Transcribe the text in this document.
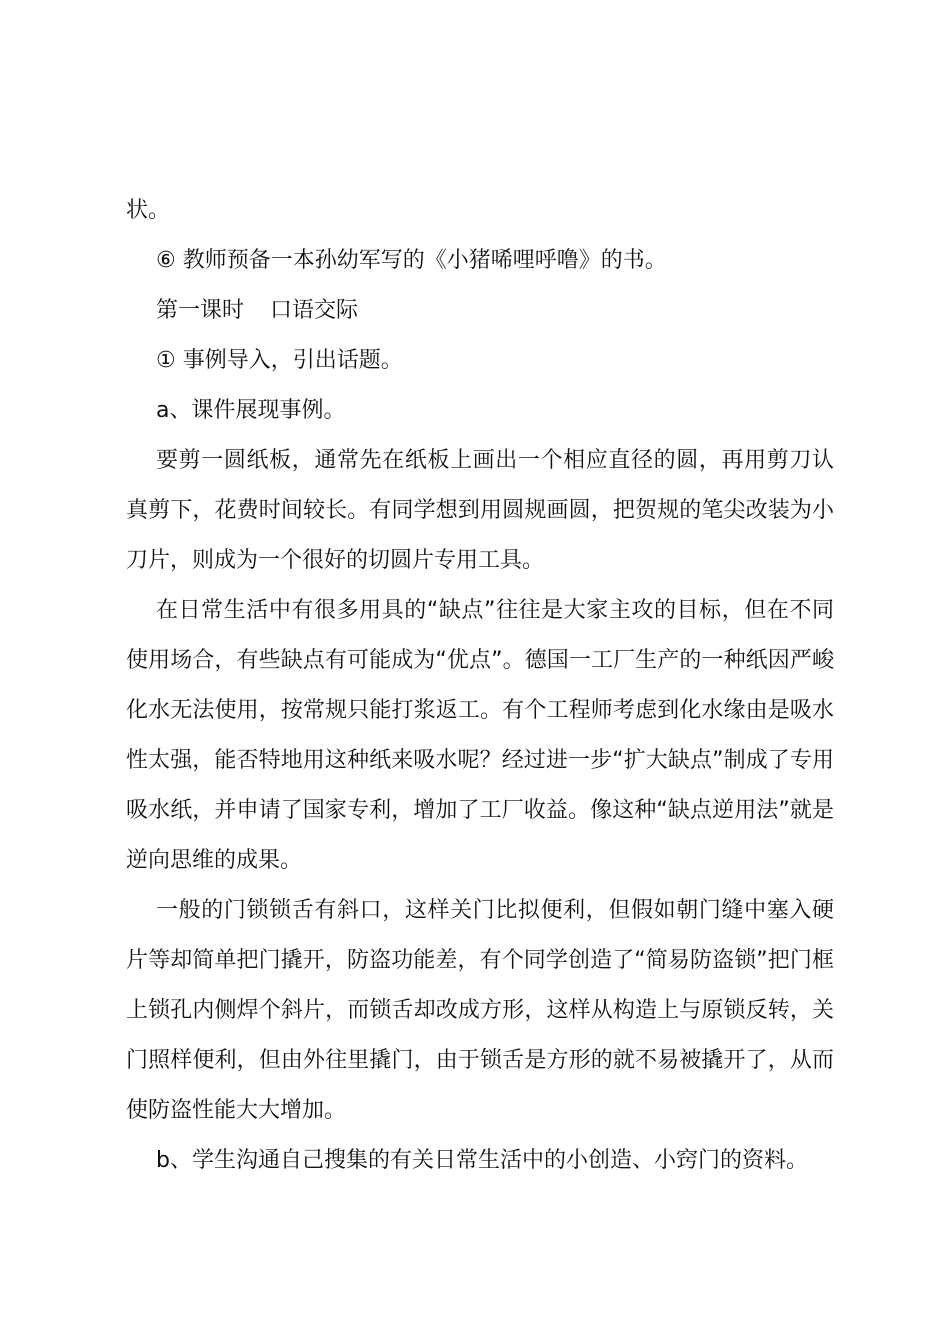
状。

⑥ 教师预备一本孙幼军写的《小猪唏哩呼噜》的书。

第一课时 口语交际

① 事例导入，引出话题。

a、课件展现事例。

要剪一圆纸板，通常先在纸板上画出一个相应直径的圆，再用剪刀认真剪下，花费时间较长。有同学想到用圆规画圆，把贺规的笔尖改装为小刀片，则成为一个很好的切圆片专用工具。

在日常生活中有很多用具的“缺点”往往是大家主攻的目标，但在不同使用场合，有些缺点有可能成为“优点”。德国一工厂生产的一种纸因严峻化水无法使用，按常规只能打浆返工。有个工程师考虑到化水缘由是吸水性太强，能否特地用这种纸来吸水呢？经过进一步“扩大缺点”制成了专用吸水纸，并申请了国家专利，增加了工厂收益。像这种“缺点逆用法”就是逆向思维的成果。

一般的门锁锁舌有斜口，这样关门比拟便利，但假如朝门缝中塞入硬片等却简单把门撬开，防盗功能差，有个同学创造了“简易防盗锁”把门框上锁孔内侧焊个斜片，而锁舌却改成方形，这样从构造上与原锁反转，关门照样便利，但由外往里撬门，由于锁舌是方形的就不易被撬开了，从而使防盗性能大大增加。

b、学生沟通自己搜集的有关日常生活中的小创造、小窍门的资料。
